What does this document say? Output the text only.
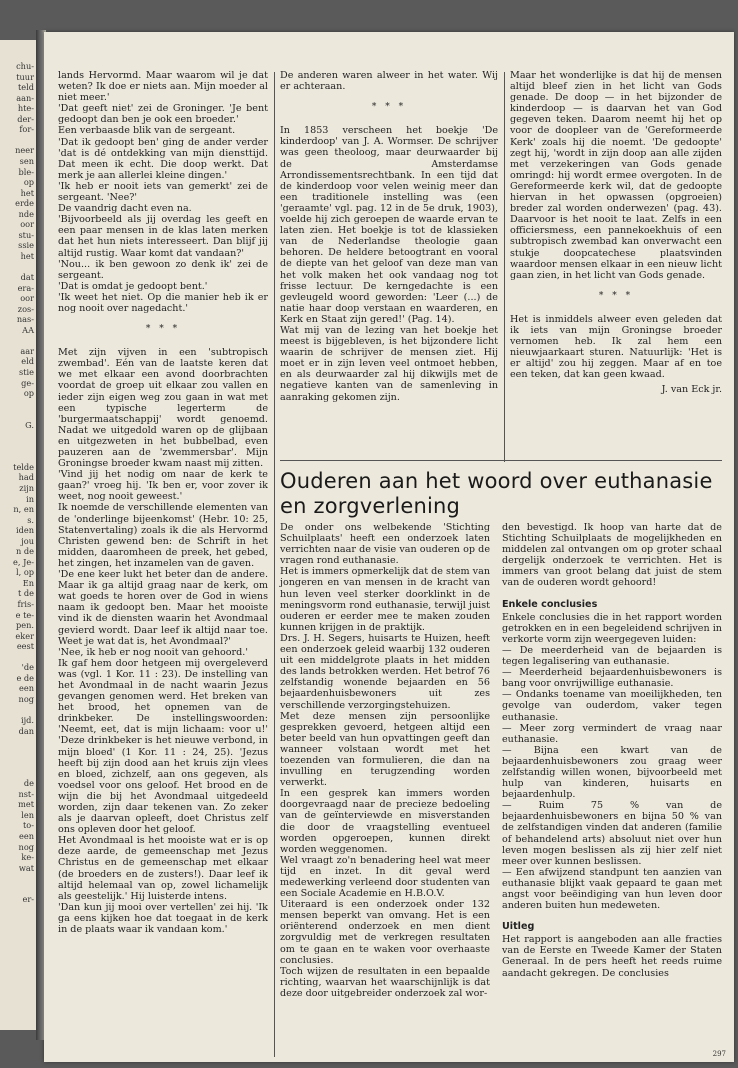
chu-
tuur
teld
aan-
hte-
der-
for-

neer
sen
ble-
op
het
erde
nde
oor
stu-
ssie
het

dat
era-
oor
zos-
nas-
AA

aar
eld
stie
ge-
op

G.

telde
had
zijn
in
n, en
s.
iden
jou
n de
e, Je-
l, op
En
t de
fris-
e te-
pen.
eker
eest

'de
e de
een
nog

ijd.
dan

de
nst-
met
len
to-
een
nog
ke-
wat

er-

lands Hervormd. Maar waarom wil je dat weten? Ik doe er niets aan. Mijn moeder al niet meer.'

'Dat geeft niet' zei de Groninger. 'Je bent gedoopt dan ben je ook een broeder.'

Een verbaasde blik van de sergeant.

'Dat ik gedoopt ben' ging de ander verder 'dat is dé ontdekking van mijn diensttijd. Dat meen ik echt. Die doop werkt. Dat merk je aan allerlei kleine dingen.'

'Ik heb er nooit iets van gemerkt' zei de sergeant. 'Nee?'

De vaandrig dacht even na.

'Bijvoorbeeld als jij overdag les geeft en een paar mensen in de klas laten merken dat het hun niets interesseert. Dan blijf jij altijd rustig. Waar komt dat vandaan?'

'Nou... ik ben gewoon zo denk ik' zei de sergeant.

'Dat is omdat je gedoopt bent.'

'Ik weet het niet. Op die manier heb ik er nog nooit over nagedacht.'

* * *

Met zijn vijven in een 'subtropisch zwembad'. Eén van de laatste keren dat we met elkaar een avond doorbrachten voordat de groep uit elkaar zou vallen en ieder zijn eigen weg zou gaan in wat met een typische legerterm de 'burgermaatschappij' wordt genoemd. Nadat we uitgedold waren op de glijbaan en uitgezweten in het bubbelbad, even pauzeren aan de 'zwemmersbar'. Mijn Groningse broeder kwam naast mij zitten.

'Vind jij het nodig om naar de kerk te gaan?' vroeg hij. 'Ik ben er, voor zover ik weet, nog nooit geweest.'

Ik noemde de verschillende elementen van de 'onderlinge bijeenkomst' (Hebr. 10: 25, Statenvertaling) zoals ik die als Hervormd Christen gewend ben: de Schrift in het midden, daaromheen de preek, het gebed, het zingen, het inzamelen van de gaven.

'De ene keer lukt het beter dan de andere. Maar ik ga altijd graag naar de kerk, om wat goeds te horen over de God in wiens naam ik gedoopt ben. Maar het mooiste vind ik de diensten waarin het Avondmaal gevierd wordt. Daar leef ik altijd naar toe. Weet je wat dat is, het Avondmaal?'

'Nee, ik heb er nog nooit van gehoord.'

Ik gaf hem door hetgeen mij overgeleverd was (vgl. 1 Kor. 11 : 23). De instelling van het Avondmaal in de nacht waarin Jezus gevangen genomen werd. Het breken van het brood, het opnemen van de drinkbeker. De instellingswoorden: 'Neemt, eet, dat is mijn lichaam: voor u!' 'Deze drinkbeker is het nieuwe verbond, in mijn bloed' (1 Kor. 11 : 24, 25). 'Jezus heeft bij zijn dood aan het kruis zijn vlees en bloed, zichzelf, aan ons gegeven, als voedsel voor ons geloof. Het brood en de wijn die bij het Avondmaal uitgedeeld worden, zijn daar tekenen van. Zo zeker als je daarvan opleeft, doet Christus zelf ons opleven door het geloof.

Het Avondmaal is het mooiste wat er is op deze aarde, de gemeenschap met Jezus Christus en de gemeenschap met elkaar (de broeders en de zusters!). Daar leef ik altijd helemaal van op, zowel lichamelijk als geestelijk.' Hij luisterde intens.

'Dan kun jij mooi over vertellen' zei hij. 'Ik ga eens kijken hoe dat toegaat in de kerk in de plaats waar ik vandaan kom.'

De anderen waren alweer in het water. Wij er achteraan.

* * *

In 1853 verscheen het boekje 'De kinderdoop' van J. A. Wormser. De schrijver was geen theoloog, maar deurwaarder bij de Amsterdamse Arrondissementsrechtbank. In een tijd dat de kinderdoop voor velen weinig meer dan een traditionele instelling was (een 'geraamte' vgl. pag. 12 in de 5e druk, 1903), voelde hij zich geroepen de waarde ervan te laten zien. Het boekje is tot de klassieken van de Nederlandse theologie gaan behoren. De heldere betoogtrant en vooral de diepte van het geloof van deze man van het volk maken het ook vandaag nog tot frisse lectuur. De kerngedachte is een gevleugeld woord geworden: 'Leer (...) de natie haar doop verstaan en waarderen, en Kerk en Staat zijn gered!' (Pag. 14).

Wat mij van de lezing van het boekje het meest is bijgebleven, is het bijzondere licht waarin de schrijver de mensen ziet. Hij moet er in zijn leven veel ontmoet hebben, en als deurwaarder zal hij dikwijls met de negatieve kanten van de samenleving in aanraking gekomen zijn.

Maar het wonderlijke is dat hij de mensen altijd bleef zien in het licht van Gods genade. De doop — in het bijzonder de kinderdoop — is daarvan het van God gegeven teken. Daarom neemt hij het op voor de doopleer van de 'Gereformeerde Kerk' zoals hij die noemt. 'De gedoopte' zegt hij, 'wordt in zijn doop aan alle zijden met verzekeringen van Gods genade omringd: hij wordt ermee overgoten. In de Gereformeerde kerk wil, dat de gedoopte hiervan in het opwassen (opgroeien) breder zal worden onderwezen' (pag. 43). Daarvoor is het nooit te laat. Zelfs in een officiersmess, een pannekoekhuis of een subtropisch zwembad kan onverwacht een stukje doopcatechese plaatsvinden waardoor mensen elkaar in een nieuw licht gaan zien, in het licht van Gods genade.

* * *

Het is inmiddels alweer even geleden dat ik iets van mijn Groningse broeder vernomen heb. Ik zal hem een nieuwjaarkaart sturen. Natuurlijk: 'Het is er altijd' zou hij zeggen. Maar af en toe een teken, dat kan geen kwaad.

J. van Eck jr.
Ouderen aan het woord over euthanasie en zorgverlening

De onder ons welbekende 'Stichting Schuilplaats' heeft een onderzoek laten verrichten naar de visie van ouderen op de vragen rond euthanasie.

Het is immers opmerkelijk dat de stem van jongeren en van mensen in de kracht van hun leven veel sterker doorklinkt in de meningsvorm rond euthanasie, terwijl juist ouderen er eerder mee te maken zouden kunnen krijgen in de praktijk.

Drs. J. H. Segers, huisarts te Huizen, heeft een onderzoek geleid waarbij 132 ouderen uit een middelgrote plaats in het midden des lands betrokken werden. Het betrof 76 zelfstandig wonende bejaarden en 56 bejaardenhuisbewoners uit zes verschillende verzorgingstehuizen.

Met deze mensen zijn persoonlijke gesprekken gevoerd, hetgeen altijd een beter beeld van hun opvattingen geeft dan wanneer volstaan wordt met het toezenden van formulieren, die dan na invulling en terugzending worden verwerkt.

In een gesprek kan immers worden doorgevraagd naar de precieze bedoeling van de geïnterviewde en misverstanden die door de vraagstelling eventueel worden opgeroepen, kunnen direkt worden weggenomen.

Wel vraagt zo'n benadering heel wat meer tijd en inzet. In dit geval werd medewerking verleend door studenten van een Sociale Academie en H.B.O.V.

Uiteraard is een onderzoek onder 132 mensen beperkt van omvang. Het is een oriënterend onderzoek en men dient zorgvuldig met de verkregen resultaten om te gaan en te waken voor overhaaste conclusies.

Toch wijzen de resultaten in een bepaalde richting, waarvan het waarschijnlijk is dat deze door uitgebreider onderzoek zal wor-

den bevestigd. Ik hoop van harte dat de Stichting Schuilplaats de mogelijkheden en middelen zal ontvangen om op groter schaal dergelijk onderzoek te verrichten. Het is immers van groot belang dat juist de stem van de ouderen wordt gehoord!

Enkele conclusies

Enkele conclusies die in het rapport worden getrokken en in een begeleidend schrijven in verkorte vorm zijn weergegeven luiden:

— De meerderheid van de bejaarden is tegen legalisering van euthanasie.

— Meerderheid bejaardenhuisbewoners is bang voor onvrijwillige euthanasie.

— Ondanks toename van moeilijkheden, ten gevolge van ouderdom, vaker tegen euthanasie.

— Meer zorg vermindert de vraag naar euthanasie.

— Bijna een kwart van de bejaardenhuisbewoners zou graag weer zelfstandig willen wonen, bijvoorbeeld met hulp van kinderen, huisarts en bejaardenhulp.

— Ruim 75 % van de bejaardenhuisbewoners en bijna 50 % van de zelfstandigen vinden dat anderen (familie of behandelend arts) absoluut niet over hun leven mogen beslissen als zij hier zelf niet meer over kunnen beslissen.

— Een afwijzend standpunt ten aanzien van euthanasie blijkt vaak gepaard te gaan met angst voor beëindiging van hun leven door anderen buiten hun medeweten.

Uitleg

Het rapport is aangeboden aan alle fracties van de Eerste en Tweede Kamer der Staten Generaal. In de pers heeft het reeds ruime aandacht gekregen. De conclusies

297
